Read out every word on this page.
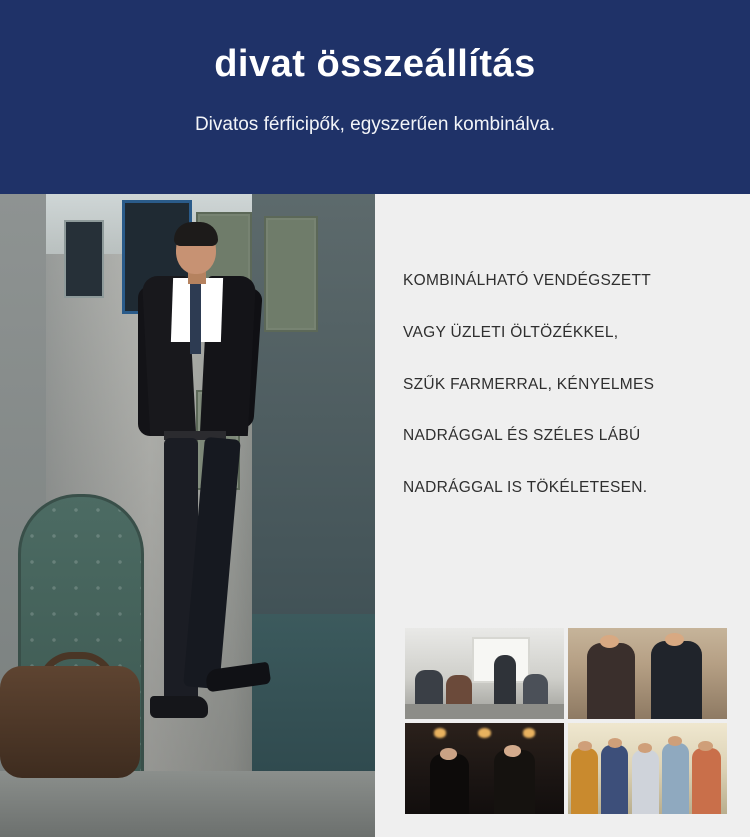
divat összeállítás
Divatos férficipők, egyszerűen kombinálva.
KOMBINÁLHATÓ VENDÉGSZETT
VAGY ÜZLETI ÖLTÖZÉKKEL,
SZŰK FARMERRAL, KÉNYELMES
NADRÁGGAL ÉS SZÉLES LÁBÚ
NADRÁGGAL IS TÖKÉLETESEN.
